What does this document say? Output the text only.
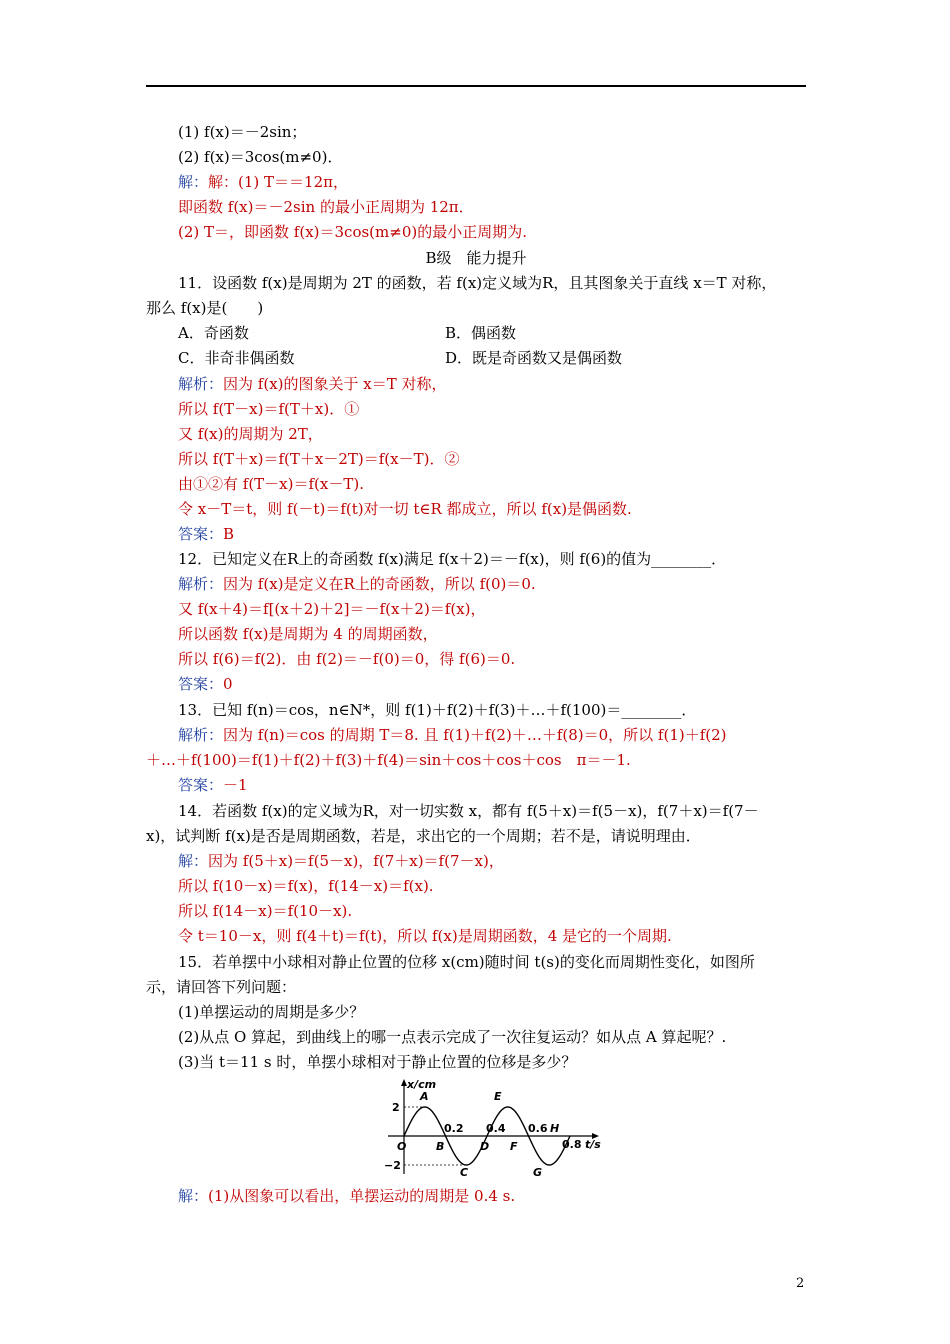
(1) f(x)＝－2sin；
(2) f(x)＝3cos(m≠0)．
解：解：(1) T＝＝12π，
即函数 f(x)＝－2sin 的最小正周期为 12π．
(2) T＝，即函数 f(x)＝3cos(m≠0)的最小正周期为.
B级　能力提升
11．设函数 f(x)是周期为 2T 的函数，若 f(x)定义域为R，且其图象关于直线 x＝T 对称，
那么 f(x)是(　　)
A．奇函数	B．偶函数
C．非奇非偶函数	D．既是奇函数又是偶函数
解析：因为 f(x)的图象关于 x＝T 对称，
所以 f(T－x)＝f(T＋x)．①
又 f(x)的周期为 2T，
所以 f(T＋x)＝f(T＋x－2T)＝f(x－T)．②
由①②有 f(T－x)＝f(x－T).
令 x－T＝t，则 f(－t)＝f(t)对一切 t∈R 都成立，所以 f(x)是偶函数.
答案：B
12．已知定义在R上的奇函数 f(x)满足 f(x＋2)＝－f(x)，则 f(6)的值为________．
解析：因为 f(x)是定义在R上的奇函数，所以 f(0)＝0.
又 f(x＋4)＝f[(x＋2)＋2]＝－f(x＋2)＝f(x)，
所以函数 f(x)是周期为 4 的周期函数，
所以 f(6)＝f(2)．由 f(2)＝－f(0)＝0，得 f(6)＝0.
答案：0
13．已知 f(n)＝cos，n∈N*，则 f(1)＋f(2)＋f(3)＋…＋f(100)＝________．
解析：因为 f(n)＝cos 的周期 T＝8. 且 f(1)＋f(2)＋…＋f(8)＝0，所以 f(1)＋f(2)
＋…＋f(100)＝f(1)＋f(2)＋f(3)＋f(4)＝sin＋cos＋cos＋cos　π＝－1.
答案：－1
14．若函数 f(x)的定义域为R，对一切实数 x，都有 f(5＋x)＝f(5－x)，f(7＋x)＝f(7－
x)，试判断 f(x)是否是周期函数，若是，求出它的一个周期；若不是，请说明理由．
解：因为 f(5＋x)＝f(5－x)，f(7＋x)＝f(7－x)，
所以 f(10－x)＝f(x)，f(14－x)＝f(x).
所以 f(14－x)＝f(10－x).
令 t＝10－x，则 f(4＋t)＝f(t)，所以 f(x)是周期函数，4 是它的一个周期.
15．若单摆中小球相对静止位置的位移 x(cm)随时间 t(s)的变化而周期性变化，如图所
示，请回答下列问题：
(1)单摆运动的周期是多少？
(2)从点 O 算起，到曲线上的哪一点表示完成了一次往复运动？如从点 A 算起呢？.
(3)当 t＝11 s 时，单摆小球相对于静止位置的位移是多少？
x/cm
t/s
2
−2
O
0.2 0.4 0.6
0.8
A
B
C
D
E
F
G
H
解：(1)从图象可以看出，单摆运动的周期是 0.4 s.
2
